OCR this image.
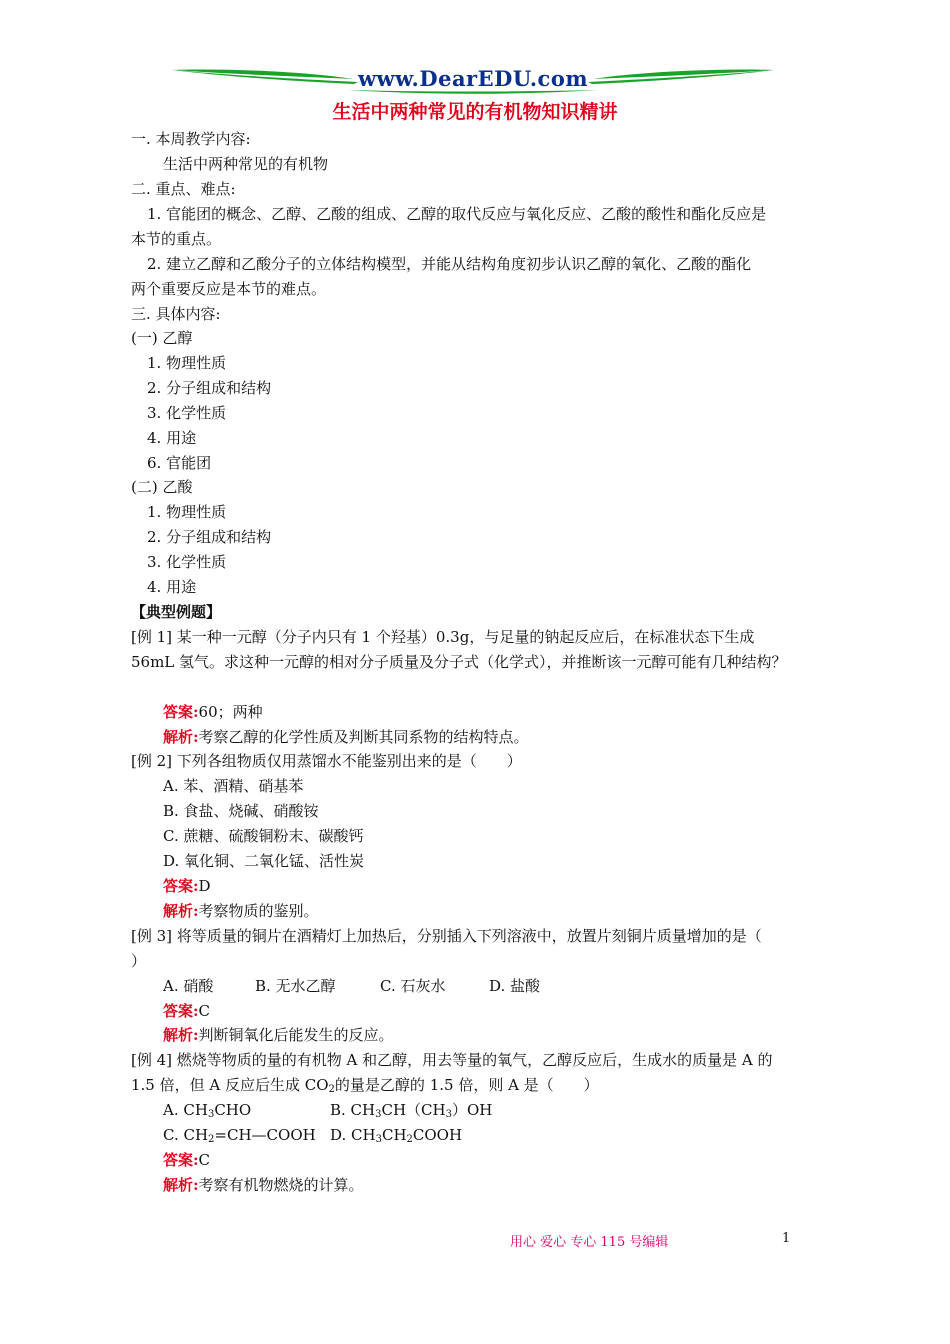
www.DearEDU.com
生活中两种常见的有机物知识精讲
一. 本周教学内容:
生活中两种常见的有机物
二. 重点、难点:
1. 官能团的概念、乙醇、乙酸的组成、乙醇的取代反应与氧化反应、乙酸的酸性和酯化反应是
本节的重点。
2. 建立乙醇和乙酸分子的立体结构模型，并能从结构角度初步认识乙醇的氧化、乙酸的酯化
两个重要反应是本节的难点。
三. 具体内容:
(一) 乙醇
1. 物理性质
2. 分子组成和结构
3. 化学性质
4. 用途
6. 官能团
(二) 乙酸
1. 物理性质
2. 分子组成和结构
3. 化学性质
4. 用途
【典型例题】
[例 1] 某一种一元醇（分子内只有 1 个羟基）0.3g，与足量的钠起反应后，在标准状态下生成
56mL 氢气。求这种一元醇的相对分子质量及分子式（化学式），并推断该一元醇可能有几种结构？
答案:60；两种
解析:考察乙醇的化学性质及判断其同系物的结构特点。
[例 2] 下列各组物质仅用蒸馏水不能鉴别出来的是（　　）
A. 苯、酒精、硝基苯
B. 食盐、烧碱、硝酸铵
C. 蔗糖、硫酸铜粉末、碳酸钙
D. 氧化铜、二氧化锰、活性炭
答案:D
解析:考察物质的鉴别。
[例 3] 将等质量的铜片在酒精灯上加热后，分别插入下列溶液中，放置片刻铜片质量增加的是（
）
A. 硝酸	B. 无水乙醇	C. 石灰水	D. 盐酸
答案:C
解析:判断铜氧化后能发生的反应。
[例 4] 燃烧等物质的量的有机物 A 和乙醇，用去等量的氧气，乙醇反应后，生成水的质量是 A 的
1.5 倍，但 A 反应后生成 $CO_2$的量是乙醇的 1.5 倍，则 A 是（　　）
A. $CH_3CHO$	B. $CH_3CH(CH_3)OH$
C. $CH_2=CH—COOH$ D. $CH_3CH_2COOH$
答案:C
解析:考察有机物燃烧的计算。
用心 爱心 专心 115 号编辑	1
